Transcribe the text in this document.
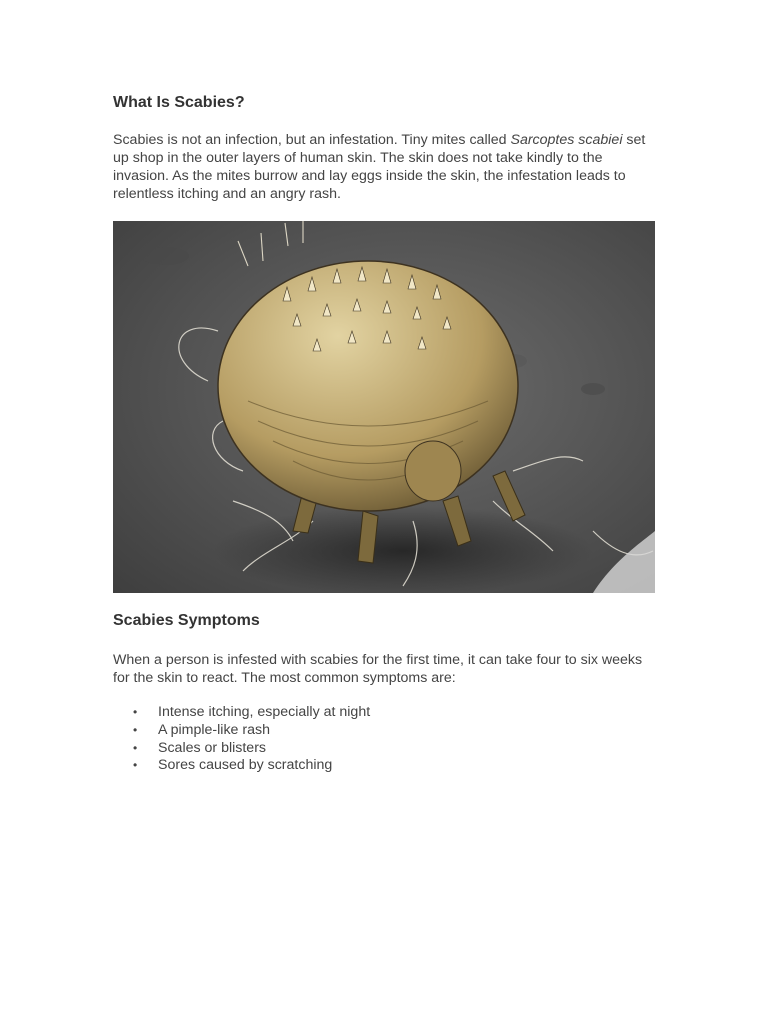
What Is Scabies?

Scabies is not an infection, but an infestation. Tiny mites called Sarcoptes scabiei set up shop in the outer layers of human skin. The skin does not take kindly to the invasion. As the mites burrow and lay eggs inside the skin, the infestation leads to relentless itching and an angry rash.

Scabies Symptoms

When a person is infested with scabies for the first time, it can take four to six weeks for the skin to react. The most common symptoms are:

• Intense itching, especially at night
• A pimple-like rash
• Scales or blisters
• Sores caused by scratching
